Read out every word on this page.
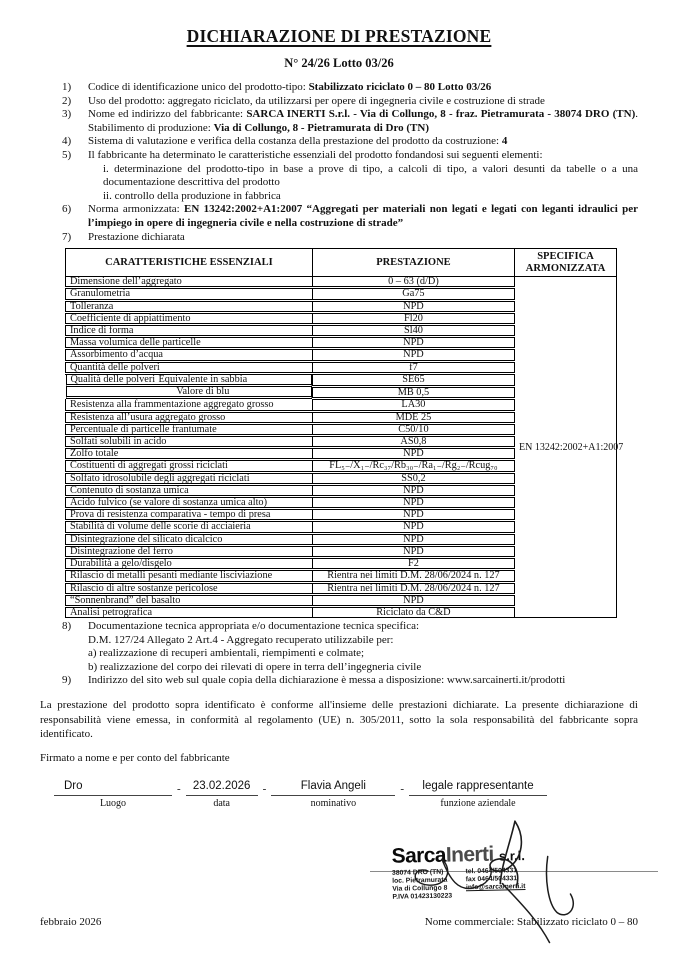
DICHIARAZIONE DI PRESTAZIONE
N° 24/26 Lotto 03/26
1)	Codice di identificazione unico del prodotto-tipo: Stabilizzato riciclato 0 – 80 Lotto 03/26
2)	Uso del prodotto: aggregato riciclato, da utilizzarsi per opere di ingegneria civile e costruzione di strade
3)	Nome ed indirizzo del fabbricante: SARCA INERTI S.r.l. - Via di Collungo, 8 - fraz. Pietramurata - 38074 DRO (TN). Stabilimento di produzione: Via di Collungo, 8 - Pietramurata di Dro (TN)
4)	Sistema di valutazione e verifica della costanza della prestazione del prodotto da costruzione: 4
5)	Il fabbricante ha determinato le caratteristiche essenziali del prodotto fondandosi sui seguenti elementi:
i. determinazione del prodotto-tipo in base a prove di tipo, a calcoli di tipo, a valori desunti da tabelle o a una documentazione descrittiva del prodotto
ii. controllo della produzione in fabbrica
6)	Norma armonizzata: EN 13242:2002+A1:2007 “Aggregati per materiali non legati e legati con leganti idraulici per l’impiego in opere di ingegneria civile e nella costruzione di strade”
7)	Prestazione dichiarata
CARATTERISTICHE ESSENZIALI	PRESTAZIONE	SPECIFICA ARMONIZZATA
Dimensione dell’aggregato	0 – 63 (d/D)	EN 13242:2002+A1:2007
Granulometria	Ga75	
Tolleranza	NPD	
Coefficiente di appiattimento	Fl20	
Indice di forma	Sl40	
Massa volumica delle particelle	NPD	
Assorbimento d’acqua	NPD	
Quantità delle polveri	f7	

Qualità delle polveri Equivalente in sabbia	SE65	

Valore di blu	MB 0,5	
Resistenza alla frammentazione aggregato grosso	LA30	
Resistenza all’usura aggregato grosso	MDE 25	
Percentuale di particelle frantumate	C50/10	
Solfati solubili in acido	AS0,8	
Zolfo totale	NPD	
Costituenti di aggregati grossi riciclati	FL₅₋/X₁₋/Rc₃₇/Rb₃₀₋/Ra₁₋/Rg₂₋/Rcug₇₀	
Solfato idrosolubile degli aggregati riciclati	SS0,2	
Contenuto di sostanza umica	NPD	
Acido fulvico (se valore di sostanza umica alto)	NPD	
Prova di resistenza comparativa - tempo di presa	NPD	
Stabilità di volume delle scorie di acciaieria	NPD	
Disintegrazione del silicato dicalcico	NPD	
Disintegrazione del ferro	NPD	
Durabilità a gelo/disgelo	F2	
Rilascio di metalli pesanti mediante lisciviazione	Rientra nei limiti D.M. 28/06/2024 n. 127	
Rilascio di altre sostanze pericolose	Rientra nei limiti D.M. 28/06/2024 n. 127	
“Sonnenbrand” del basalto	NPD	
Analisi petrografica	Riciclato da C&D	
8)	Documentazione tecnica appropriata e/o documentazione tecnica specifica:
D.M. 127/24 Allegato 2 Art.4 - Aggregato recuperato utilizzabile per:
a) realizzazione di recuperi ambientali, riempimenti e colmate;
b) realizzazione del corpo dei rilevati di opere in terra dell’ingegneria civile
9)	Indirizzo del sito web sul quale copia della dichiarazione è messa a disposizione: www.sarcainerti.it/prodotti

La prestazione del prodotto sopra identificato è conforme all'insieme delle prestazioni dichiarate. La presente dichiarazione di responsabilità viene emessa, in conformità al regolamento (UE) n. 305/2011, sotto la sola responsabilità del fabbricante sopra identificato.

Firmato a nome e per conto del fabbricante

Dro
Luogo
-	23.02.2026
data
-	Flavia Angeli
nominativo
-	legale rappresentante
funzione aziendale
SarcaInerti s.r.l.
38074 DRO (TN)
loc. Pietramurata
Via di Collungo 8
P.IVA 01423130223
tel. 0464/504331
fax 0464/504331
info@sarcainerti.it
febbraio 2026	Nome commerciale: Stabilizzato riciclato 0 – 80
